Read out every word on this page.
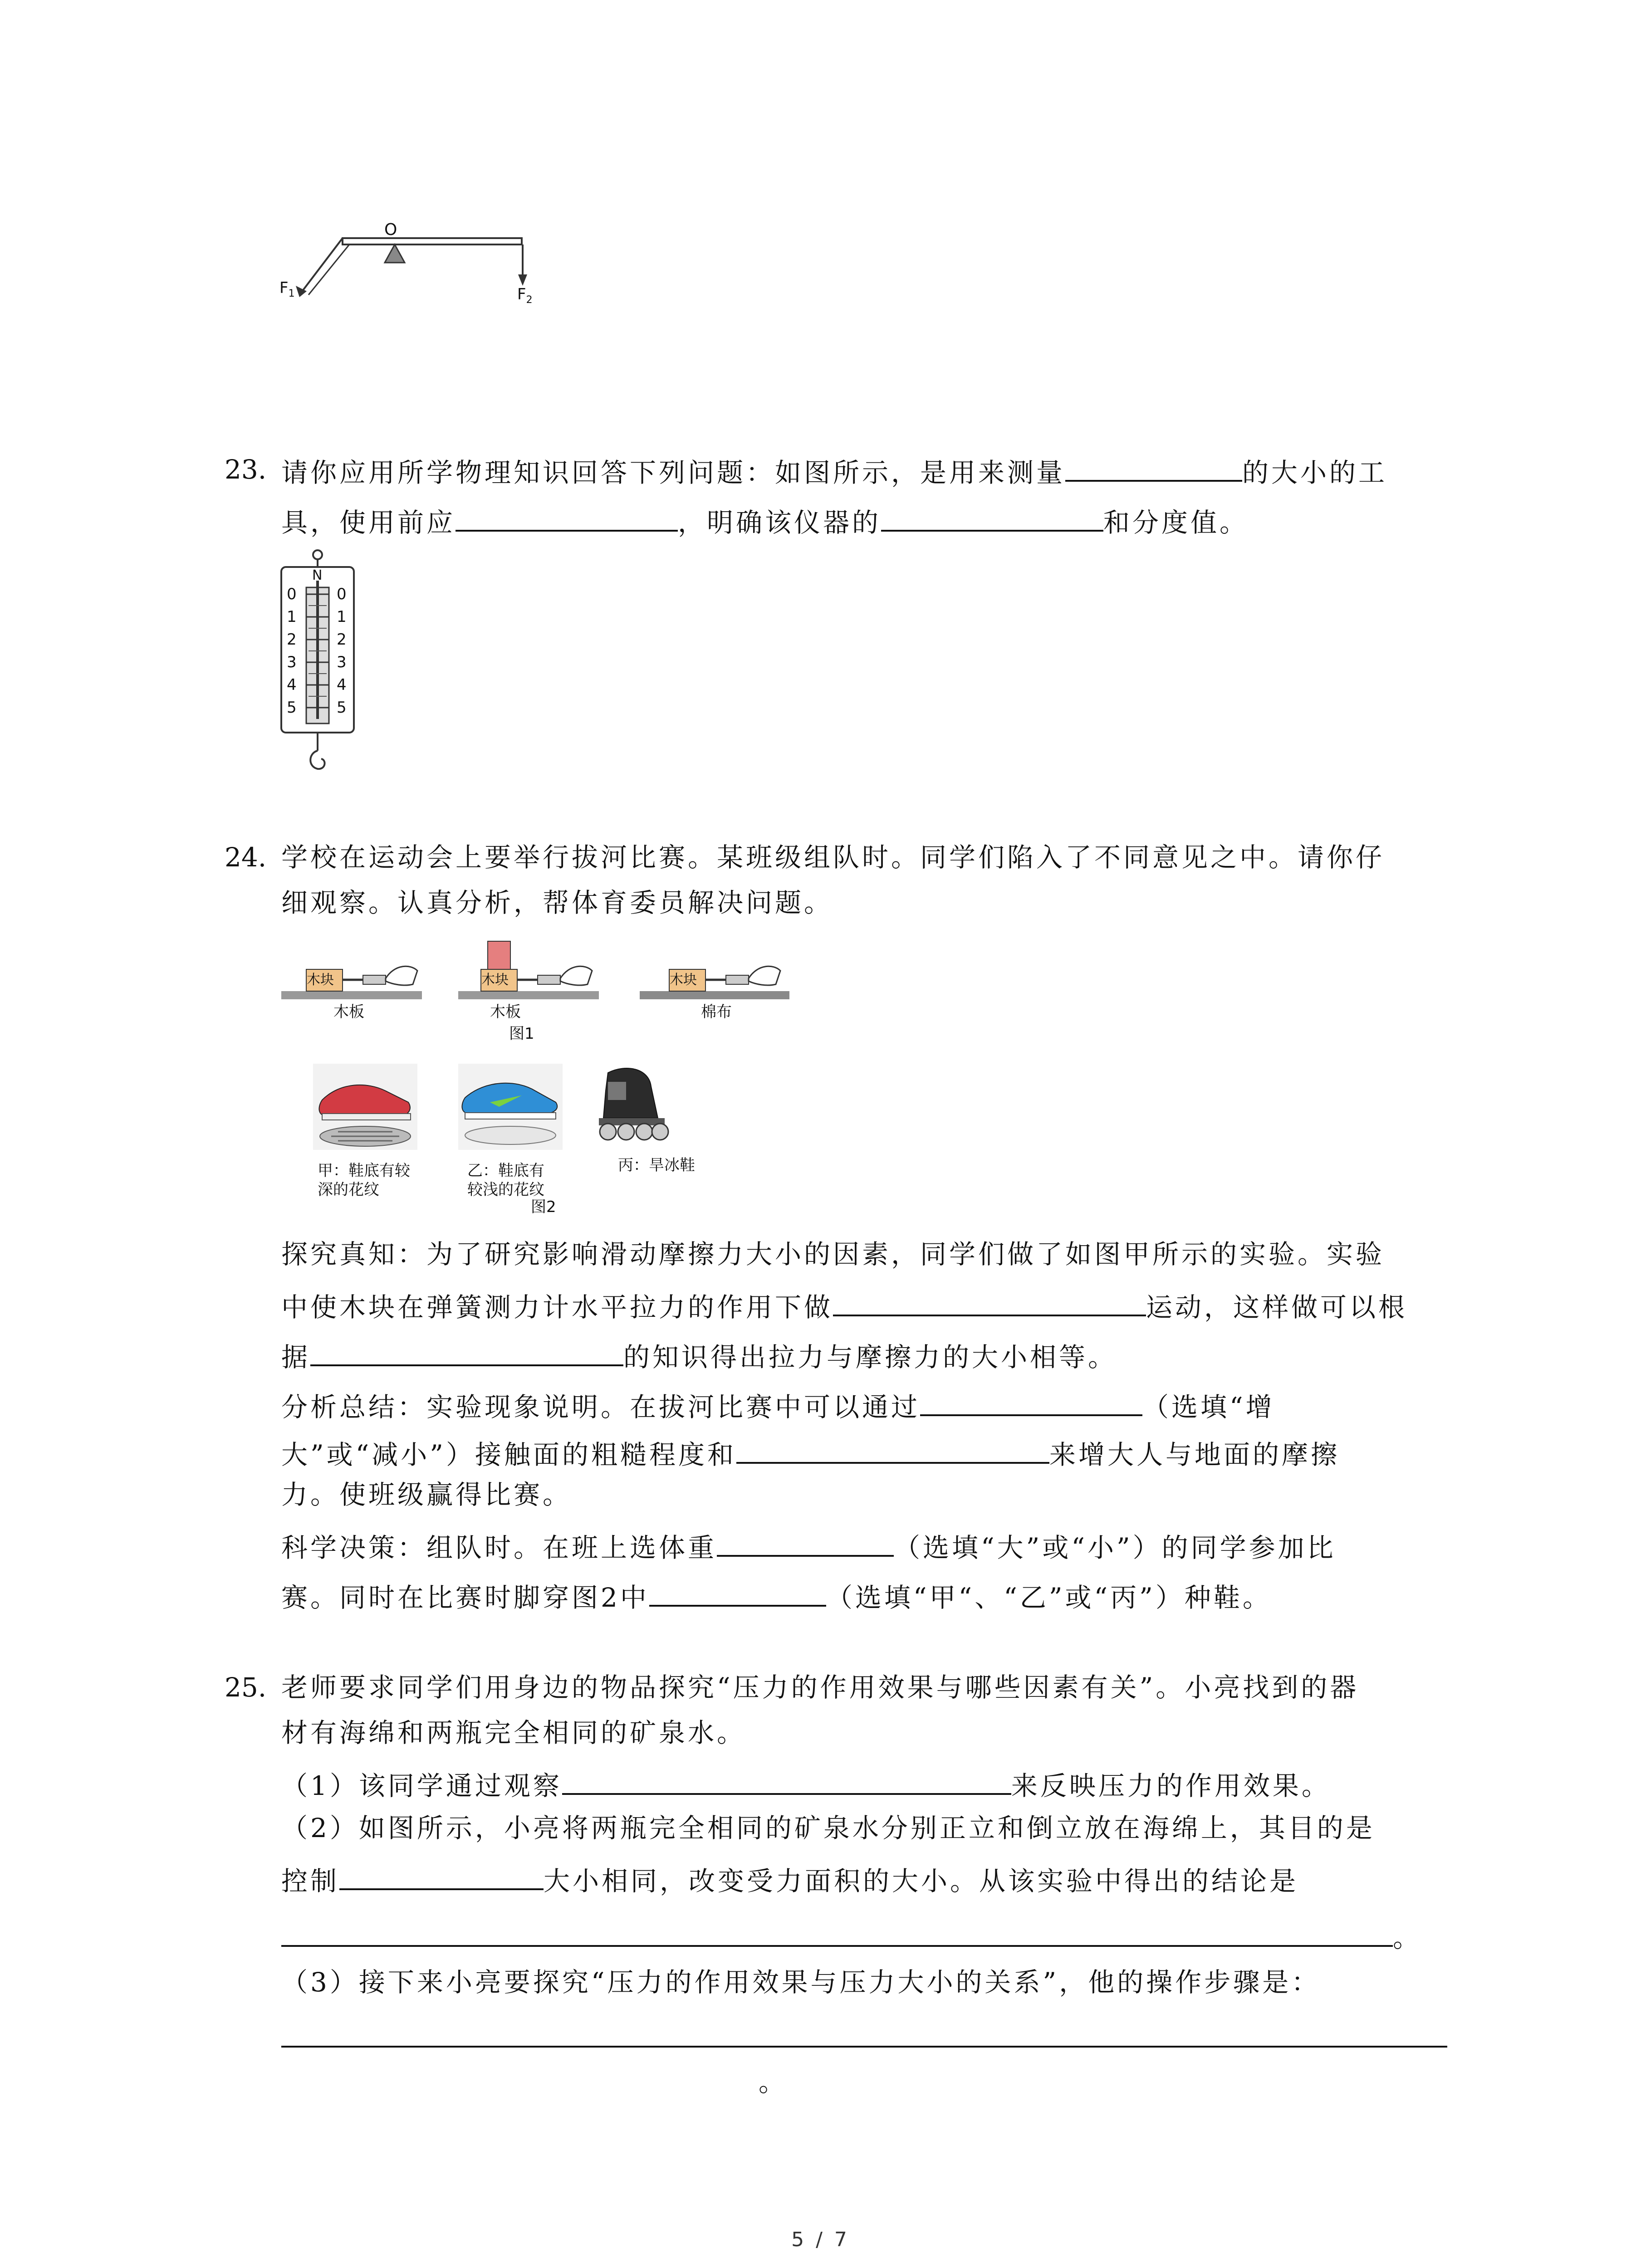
O
$F_1$	$F_2$
23. 请你应用所学物理知识回答下列问题：如图所示，是用来测量	的大小的工
具，使用前应	，明确该仪器的	和分度值。
N
0
1
2
3
4
5
0
1
2
3
4
5
24. 学校在运动会上要举行拔河比赛。某班级组队时。同学们陷入了不同意见之中。请你仔
细观察。认真分析，帮体育委员解决问题。
木块	木块	木块
木板	木板	棉布
图1
甲：鞋底有较
深的花纹
乙：鞋底有
较浅的花纹
丙：旱冰鞋
图2
探究真知：为了研究影响滑动摩擦力大小的因素，同学们做了如图甲所示的实验。实验
中使木块在弹簧测力计水平拉力的作用下做	运动，这样做可以根
据	的知识得出拉力与摩擦力的大小相等。
分析总结：实验现象说明。在拔河比赛中可以通过	（选填“增
大”或“减小”）接触面的粗糙程度和	来增大人与地面的摩擦
力。使班级赢得比赛。
科学决策：组队时。在班上选体重	（选填“大”或“小”）的同学参加比
赛。同时在比赛时脚穿图2中	（选填“甲“、“乙”或“丙”）种鞋。
25. 老师要求同学们用身边的物品探究“压力的作用效果与哪些因素有关”。小亮找到的器
材有海绵和两瓶完全相同的矿泉水。
（1）该同学通过观察	来反映压力的作用效果。
（2）如图所示，小亮将两瓶完全相同的矿泉水分别正立和倒立放在海绵上，其目的是
控制	大小相同，改变受力面积的大小。从该实验中得出的结论是
。
（3）接下来小亮要探究“压力的作用效果与压力大小的关系”，他的操作步骤是：
。
5 / 7
